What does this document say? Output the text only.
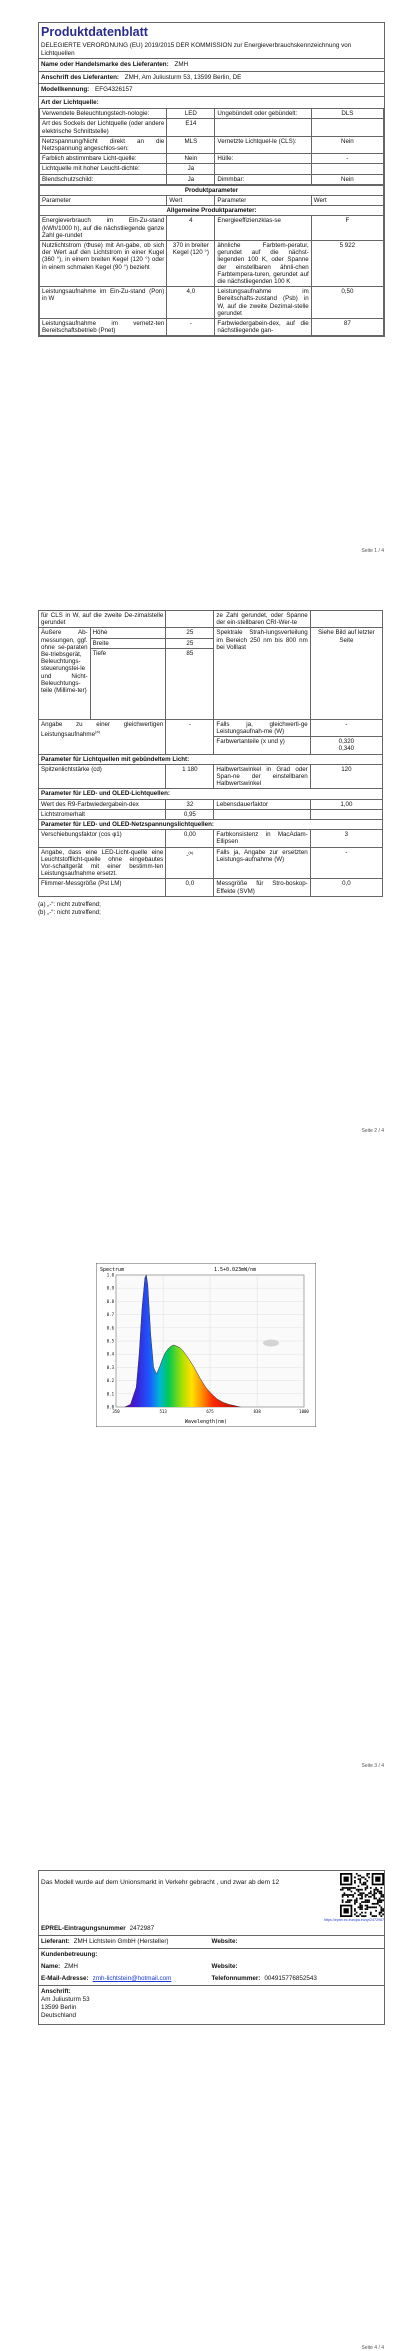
Produktdatenblatt
DELEGIERTE VERORDNUNG (EU) 2019/2015 DER KOMMISSION zur Energieverbrauchskennzeichnung von Lichtquellen
Name oder Handelsmarke des Lieferanten: ZMH
Anschrift des Lieferanten: ZMH, Am Juliusturm 53, 13599 Berlin, DE
Modellkennung: EFG4326157
Art der Lichtquelle:
Verwendete Beleuchtungstech-nologie:	LED	Ungebündelt oder gebündelt:	DLS
Art des Sockels der Lichtquelle (oder andere elektrische Schnittstelle)	E14		
Netzspannung/Nicht direkt an die Netzspannung angeschlos-sen:	MLS	Vernetzte Lichtquel-le (CLS):	Nein
Farblich abstimmbare Licht-quelle:	Nein	Hülle:	-
Lichtquelle mit hoher Leucht-dichte:	Ja		
Blendschutzschild:	Ja	Dimmbar:	Nein
Produktparameter			
Parameter	Wert	Parameter	Wert
Allgemeine Produktparameter:			
Energieverbrauch im Ein-Zu-stand (kWh/1000 h), auf die nächstliegende ganze Zahl ge-rundet	4	Energieeffizienzklas-se	F
Nutzlichtstrom (Φuse) mit An-gabe, ob sich der Wert auf den Lichtstrom in einer Kugel (360 °), in einem breiten Kegel (120 °) oder in einem schmalen Kegel (90 °) bezieht	370 in breiter Kegel (120 °)	ähnliche Farbtem-peratur, gerundet auf die nächst-liegenden 100 K, oder Spanne der einstellbaren ähnli-chen Farbtempera-turen, gerundet auf die nächstliegenden 100 K	5 922
Leistungsaufnahme im Ein-Zu-stand (Pon) in W	4,0	Leistungsaufnahme im Bereitschafts-zustand (Psb) in W, auf die zweite Dezimal-stelle gerundet	0,50
Leistungsaufnahme im vernetz-ten Bereitschaftsbetrieb (Pnet)	-	Farbwiedergabein-dex, auf die nächstliegende gan-	87
Seite 1 / 4
für CLS in W, auf die zweite De-zimalstelle gerundet			ze Zahl gerundet, oder Spanne der ein-stellbaren CRI-Wer-te	
Äußere Ab-messungen, ggf. ohne se-paraten Be-triebsgerät, Beleuchtungs-steuerungstei-le und Nicht-Beleuchtungs-teile (Millime-ter)	Höhe	25	Spektrale Strah-lungsverteilung im Bereich 250 nm bis 800 nm bei Volllast	Siehe Bild auf letzter Seite
	Breite	25		
	Tiefe	85		
Angabe zu einer gleichwertigen Leistungsaufnahme$^{(a)}$		-	Falls ja, gleichwerti-ge Leistungsaufnah-me (W)	-
			Farbwertanteile (x und y)	0,320
0,340
Parameter für Lichtquellen mit gebündeltem Licht:				
Spitzenlichtstärke (cd)		1 180	Halbwertswinkel in Grad oder Span-ne der einstellbaren Halbwertswinkel	120
Parameter für LED- und OLED-Lichtquellen:				
Wert des R9-Farbwiedergabein-dex		32	Lebensdauerfaktor	1,00
Lichtstromerhalt		0,95		
Parameter für LED- und OLED-Netzspannungslichtquellen:				
Verschiebungsfaktor (cos φ1)		0,00	Farbkonsistenz in MacAdam-Ellipsen	3
Angabe, dass eine LED-Licht-quelle eine Leuchtstofflicht-quelle ohne eingebautes Vor-schaltgerät mit einer bestimm-ten Leistungsaufnahme ersetzt.		-$^{(b)}$	Falls ja, Angabe zur ersetzten Leistungs-aufnahme (W)	-
Flimmer-Messgröße (Pst LM)		0,0	Messgröße für Stro-boskop-Effekte (SVM)	0,0
(a) „-“: nicht zutreffend;
(b) „-“: nicht zutreffend;
Seite 2 / 4
0.0
0.1
0.2
0.3
0.4
0.5
0.6
0.7
0.8
0.9
1.0
350	513	675	838	1000
Spectrum	1.5+0.023mW/nm
Wavelength(nm)
Seite 3 / 4
Das Modell wurde auf dem Unionsmarkt in Verkehr gebracht , und zwar ab dem 12
https://eprel.ec.europa.eu/qr/2472987
EPREL-Eintragungsnummer 2472987
Lieferant: ZMH Lichtstein GmbH (Hersteller)	Website:
Kundenbetreuung:
Name: ZMH	Website:
E-Mail-Adresse: zmh-lichtstein@hotmail.com	Telefonnummer: 004915776852543
Anschrift:
Am Juliusturm 53
13599 Berlin
Deutschland
Seite 4 / 4
